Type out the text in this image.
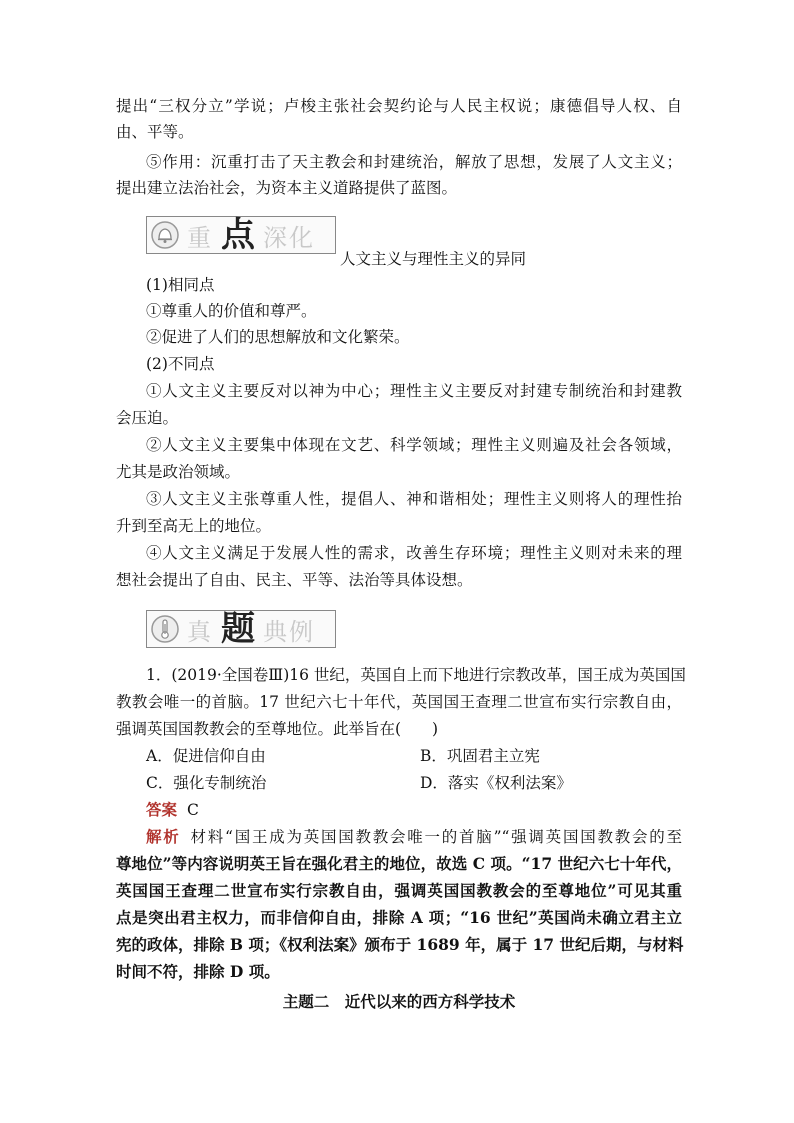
提出“三权分立”学说；卢梭主张社会契约论与人民主权说；康德倡导人权、自
由、平等。
⑤作用：沉重打击了天主教会和封建统治，解放了思想，发展了人文主义；
提出建立法治社会，为资本主义道路提供了蓝图。
重 点 深化
人文主义与理性主义的异同
(1)相同点
①尊重人的价值和尊严。
②促进了人们的思想解放和文化繁荣。
(2)不同点
①人文主义主要反对以神为中心；理性主义主要反对封建专制统治和封建教
会压迫。
②人文主义主要集中体现在文艺、科学领域；理性主义则遍及社会各领域，
尤其是政治领域。
③人文主义主张尊重人性，提倡人、神和谐相处；理性主义则将人的理性抬
升到至高无上的地位。
④人文主义满足于发展人性的需求，改善生存环境；理性主义则对未来的理
想社会提出了自由、民主、平等、法治等具体设想。
真 题 典例
1．(2019·全国卷Ⅲ)16 世纪，英国自上而下地进行宗教改革，国王成为英国国
教教会唯一的首脑。17 世纪六七十年代，英国国王查理二世宣布实行宗教自由，
强调英国国教教会的至尊地位。此举旨在(　　)
A．促进信仰自由	B．巩固君主立宪
C．强化专制统治	D．落实《权利法案》
答案 C
解析 材料“国王成为英国国教教会唯一的首脑”“强调英国国教教会的至
尊地位”等内容说明英王旨在强化君主的地位，故选 C 项。“17 世纪六七十年代，
英国国王查理二世宣布实行宗教自由，强调英国国教教会的至尊地位”可见其重
点是突出君主权力，而非信仰自由，排除 A 项；“16 世纪”英国尚未确立君主立
宪的政体，排除 B 项；《权利法案》颁布于 1689 年，属于 17 世纪后期，与材料
时间不符，排除 D 项。
主题二　近代以来的西方科学技术
